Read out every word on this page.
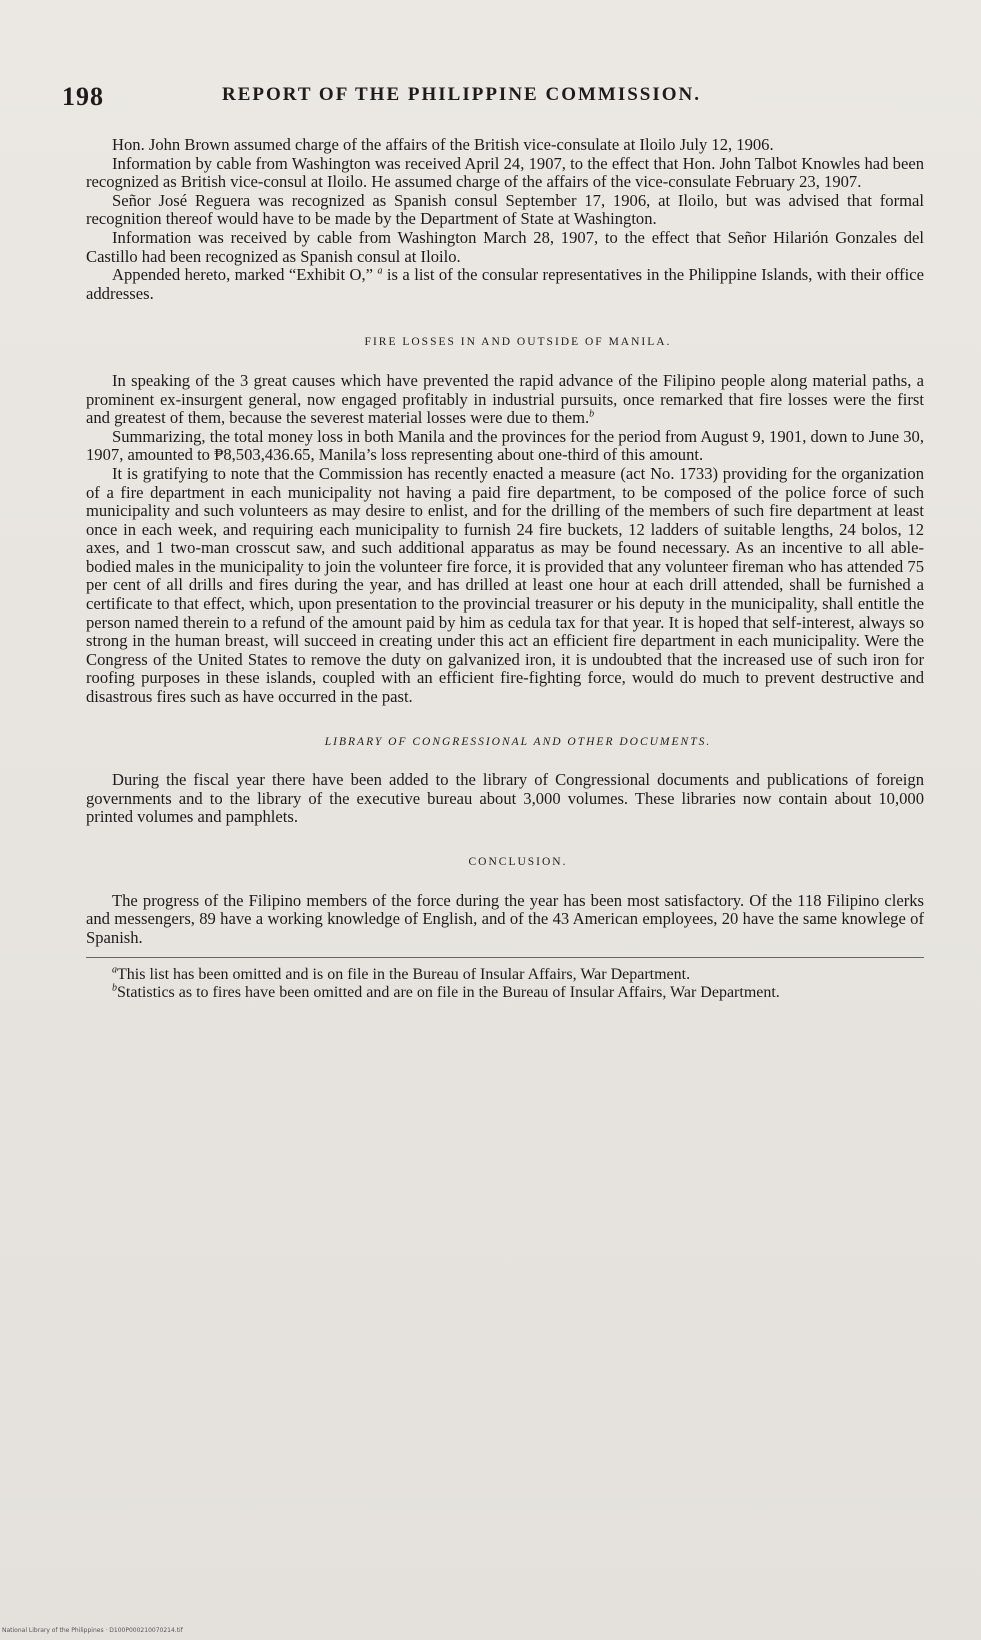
198	REPORT OF THE PHILIPPINE COMMISSION.

Hon. John Brown assumed charge of the affairs of the British vice-consulate at Iloilo July 12, 1906.

Information by cable from Washington was received April 24, 1907, to the effect that Hon. John Talbot Knowles had been recognized as British vice-consul at Iloilo. He assumed charge of the affairs of the vice-consulate February 23, 1907.

Señor José Reguera was recognized as Spanish consul September 17, 1906, at Iloilo, but was advised that formal recognition thereof would have to be made by the Department of State at Washington.

Information was received by cable from Washington March 28, 1907, to the effect that Señor Hilarión Gonzales del Castillo had been recognized as Spanish consul at Iloilo.

Appended hereto, marked “Exhibit O,” $^a$ is a list of the consular representatives in the Philippine Islands, with their office addresses.

FIRE LOSSES IN AND OUTSIDE OF MANILA.

In speaking of the 3 great causes which have prevented the rapid advance of the Filipino people along material paths, a prominent ex-insurgent general, now engaged profitably in industrial pursuits, once remarked that fire losses were the first and greatest of them, because the severest material losses were due to them.$^b$

Summarizing, the total money loss in both Manila and the provinces for the period from August 9, 1901, down to June 30, 1907, amounted to ₱8,503,436.65, Manila’s loss representing about one-third of this amount.

It is gratifying to note that the Commission has recently enacted a measure (act No. 1733) providing for the organization of a fire department in each municipality not having a paid fire department, to be composed of the police force of such municipality and such volunteers as may desire to enlist, and for the drilling of the members of such fire department at least once in each week, and requiring each municipality to furnish 24 fire buckets, 12 ladders of suitable lengths, 24 bolos, 12 axes, and 1 two-man crosscut saw, and such additional apparatus as may be found necessary. As an incentive to all able-bodied males in the municipality to join the volunteer fire force, it is provided that any volunteer fireman who has attended 75 per cent of all drills and fires during the year, and has drilled at least one hour at each drill attended, shall be furnished a certificate to that effect, which, upon presentation to the provincial treasurer or his deputy in the municipality, shall entitle the person named therein to a refund of the amount paid by him as cedula tax for that year. It is hoped that self-interest, always so strong in the human breast, will succeed in creating under this act an efficient fire department in each municipality. Were the Congress of the United States to remove the duty on galvanized iron, it is undoubted that the increased use of such iron for roofing purposes in these islands, coupled with an efficient fire-fighting force, would do much to prevent destructive and disastrous fires such as have occurred in the past.

LIBRARY OF CONGRESSIONAL AND OTHER DOCUMENTS.

During the fiscal year there have been added to the library of Congressional documents and publications of foreign governments and to the library of the executive bureau about 3,000 volumes. These libraries now contain about 10,000 printed volumes and pamphlets.

CONCLUSION.

The progress of the Filipino members of the force during the year has been most satisfactory. Of the 118 Filipino clerks and messengers, 89 have a working knowledge of English, and of the 43 American employees, 20 have the same knowlege of Spanish.

$^a$This list has been omitted and is on file in the Bureau of Insular Affairs, War Department.

$^b$Statistics as to fires have been omitted and are on file in the Bureau of Insular Affairs, War Department.

National Library of the Philippines · D100P000210070214.tif
